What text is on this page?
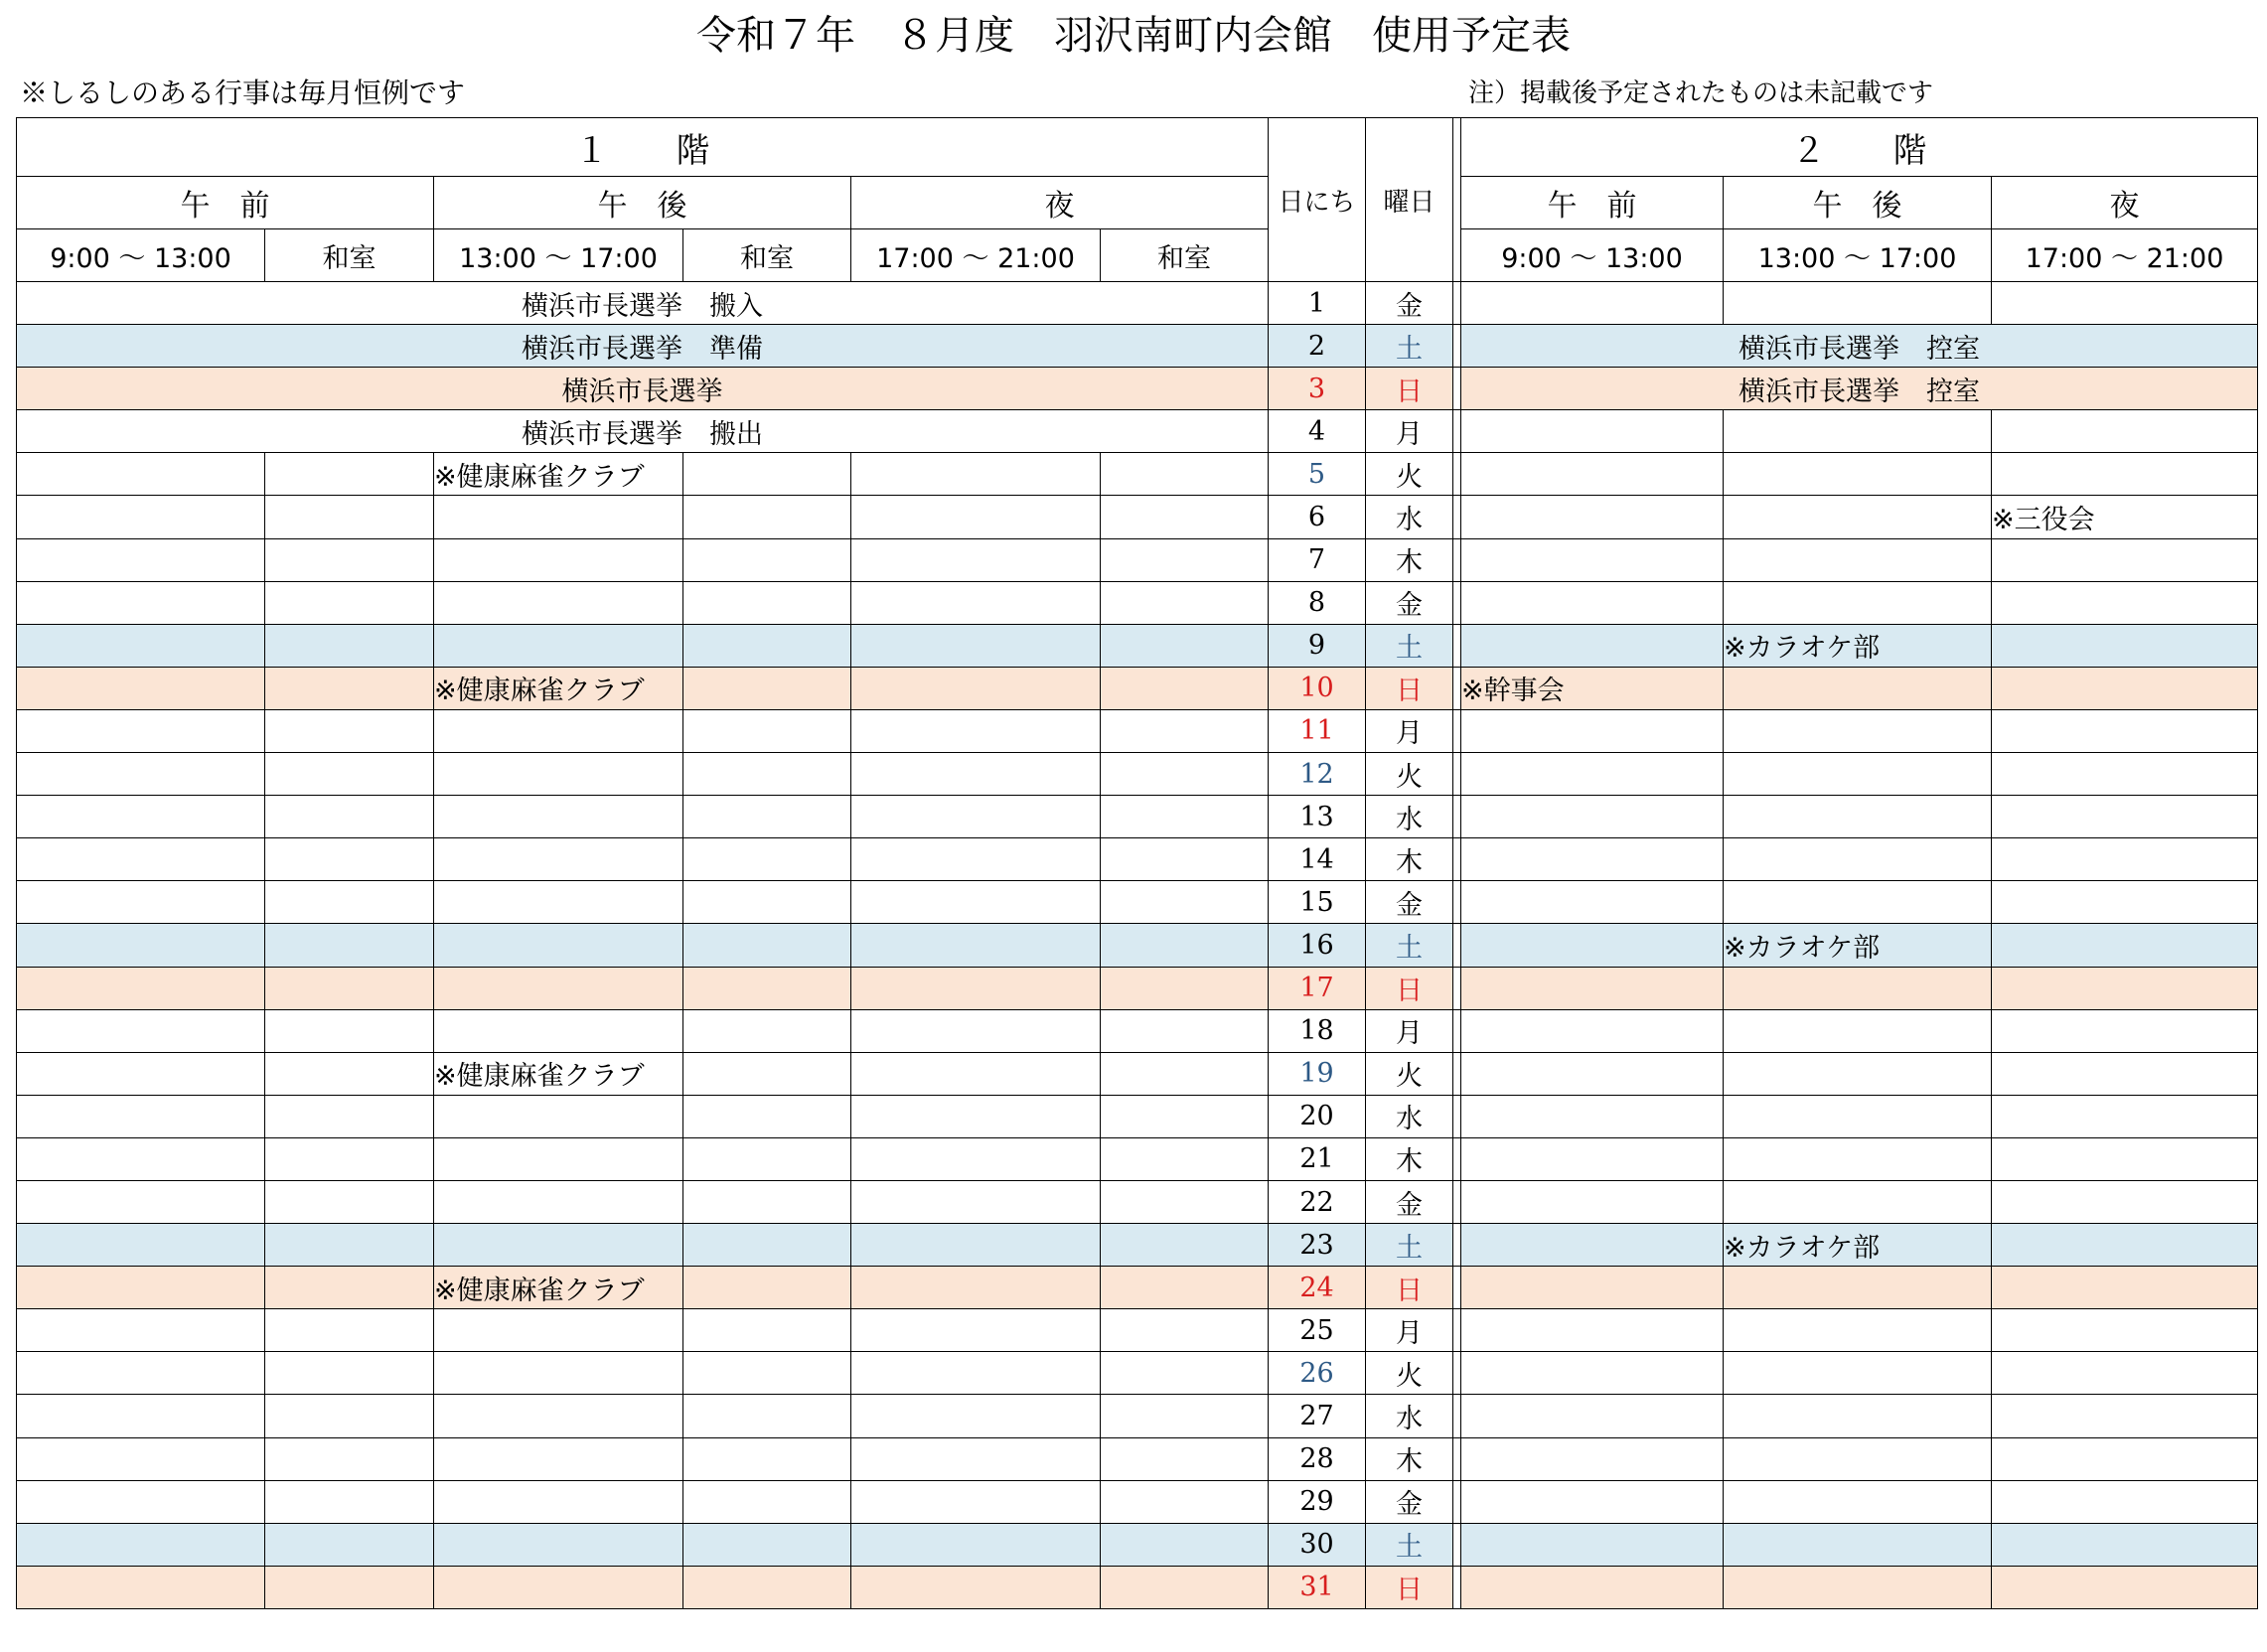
令和７年　８月度　羽沢南町内会館　使用予定表
※しるしのある行事は毎月恒例です	注）掲載後予定されたものは未記載です
１　　階						日にち	曜日		２　　階		
午　前		午　後		夜					午　前	午　後	夜
9:00 〜 13:00	和室	13:00 〜 17:00	和室	17:00 〜 21:00	和室				9:00 〜 13:00	13:00 〜 17:00	17:00 〜 21:00
横浜市長選挙　搬入						1	金				
横浜市長選挙　準備						2	土		横浜市長選挙　控室		
横浜市長選挙						3	日		横浜市長選挙　控室		
横浜市長選挙　搬出						4	月				
		※健康麻雀クラブ				5	火				
						6	水				※三役会
						7	木				
						8	金				
						9	土			※カラオケ部	
		※健康麻雀クラブ				10	日		※幹事会		
						11	月				
						12	火				
						13	水				
						14	木				
						15	金				
						16	土			※カラオケ部	
						17	日				
						18	月				
		※健康麻雀クラブ				19	火				
						20	水				
						21	木				
						22	金				
						23	土			※カラオケ部	
		※健康麻雀クラブ				24	日				
						25	月				
						26	火				
						27	水				
						28	木				
						29	金				
						30	土				
						31	日				
